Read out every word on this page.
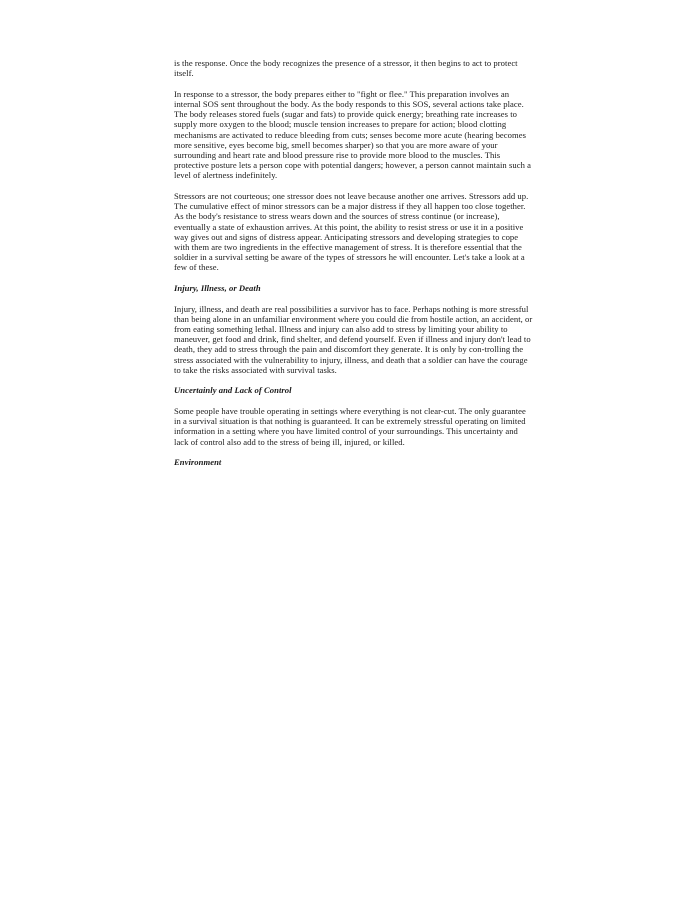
is the response. Once the body recognizes the presence of a stressor, it then begins to act to protect itself.

In response to a stressor, the body prepares either to "fight or flee." This preparation involves an internal SOS sent throughout the body. As the body responds to this SOS, several actions take place. The body releases stored fuels (sugar and fats) to provide quick energy; breathing rate increases to supply more oxygen to the blood; muscle tension increases to prepare for action; blood clotting mechanisms are activated to reduce bleeding from cuts; senses become more acute (hearing becomes more sensitive, eyes become big, smell becomes sharper) so that you are more aware of your surrounding and heart rate and blood pressure rise to provide more blood to the muscles. This protective posture lets a person cope with potential dangers; however, a person cannot maintain such a level of alertness indefinitely.

Stressors are not courteous; one stressor does not leave because another one arrives. Stressors add up. The cumulative effect of minor stressors can be a major distress if they all happen too close together. As the body's resistance to stress wears down and the sources of stress continue (or increase), eventually a state of exhaustion arrives. At this point, the ability to resist stress or use it in a positive way gives out and signs of distress appear. Anticipating stressors and developing strategies to cope with them are two ingredients in the effective management of stress. It is therefore essential that the soldier in a survival setting be aware of the types of stressors he will encounter. Let's take a look at a few of these.

Injury, Illness, or Death

Injury, illness, and death are real possibilities a survivor has to face. Perhaps nothing is more stressful than being alone in an unfamiliar environment where you could die from hostile action, an accident, or from eating something lethal. Illness and injury can also add to stress by limiting your ability to maneuver, get food and drink, find shelter, and defend yourself. Even if illness and injury don't lead to death, they add to stress through the pain and discomfort they generate. It is only by con-trolling the stress associated with the vulnerability to injury, illness, and death that a soldier can have the courage to take the risks associated with survival tasks.

Uncertainly and Lack of Control

Some people have trouble operating in settings where everything is not clear-cut. The only guarantee in a survival situation is that nothing is guaranteed. It can be extremely stressful operating on limited information in a setting where you have limited control of your surroundings. This uncertainty and lack of control also add to the stress of being ill, injured, or killed.

Environment
